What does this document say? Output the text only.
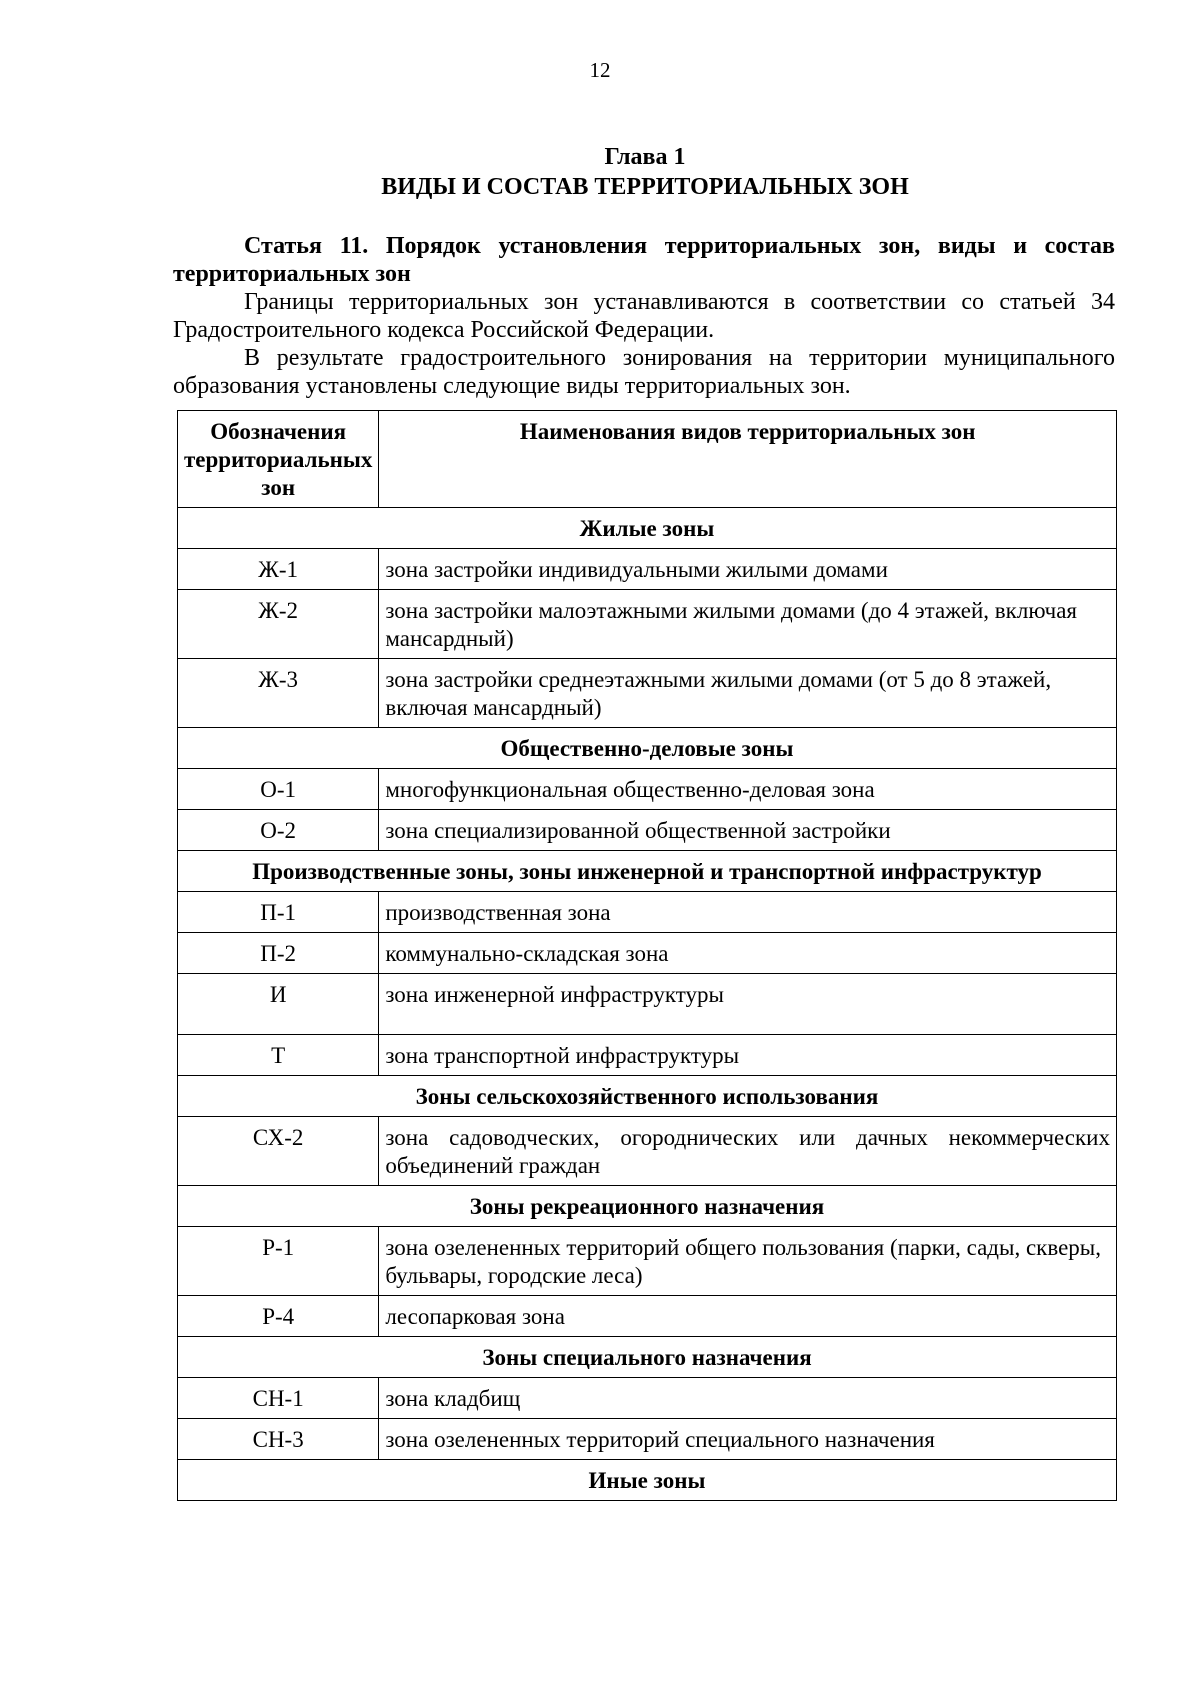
12
Глава 1
ВИДЫ И СОСТАВ ТЕРРИТОРИАЛЬНЫХ ЗОН

Статья 11. Порядок установления территориальных зон, виды и состав территориальных зон

Границы территориальных зон устанавливаются в соответствии со статьей 34 Градостроительного кодекса Российской Федерации.

В результате градостроительного зонирования на территории муниципального образования установлены следующие виды территориальных зон.

Обозначения территориальных зон	Наименования видов территориальных зон
Жилые зоны	
Ж-1	зона застройки индивидуальными жилыми домами
Ж-2	зона застройки малоэтажными жилыми домами (до 4 этажей, включая мансардный)
Ж-3	зона застройки среднеэтажными жилыми домами (от 5 до 8 этажей, включая мансардный)
Общественно-деловые зоны	
О-1	многофункциональная общественно-деловая зона
О-2	зона специализированной общественной застройки
Производственные зоны, зоны инженерной и транспортной инфраструктур	
П-1	производственная зона
П-2	коммунально-складская зона
И	зона инженерной инфраструктуры
Т	зона транспортной инфраструктуры
Зоны сельскохозяйственного использования	
СХ-2	зона садоводческих, огороднических или дачных некоммерческих объединений граждан
Зоны рекреационного назначения	
Р-1	зона озелененных территорий общего пользования (парки, сады, скверы, бульвары, городские леса)
Р-4	лесопарковая зона
Зоны специального назначения	
СН-1	зона кладбищ
СН-3	зона озелененных территорий специального назначения
Иные зоны	
